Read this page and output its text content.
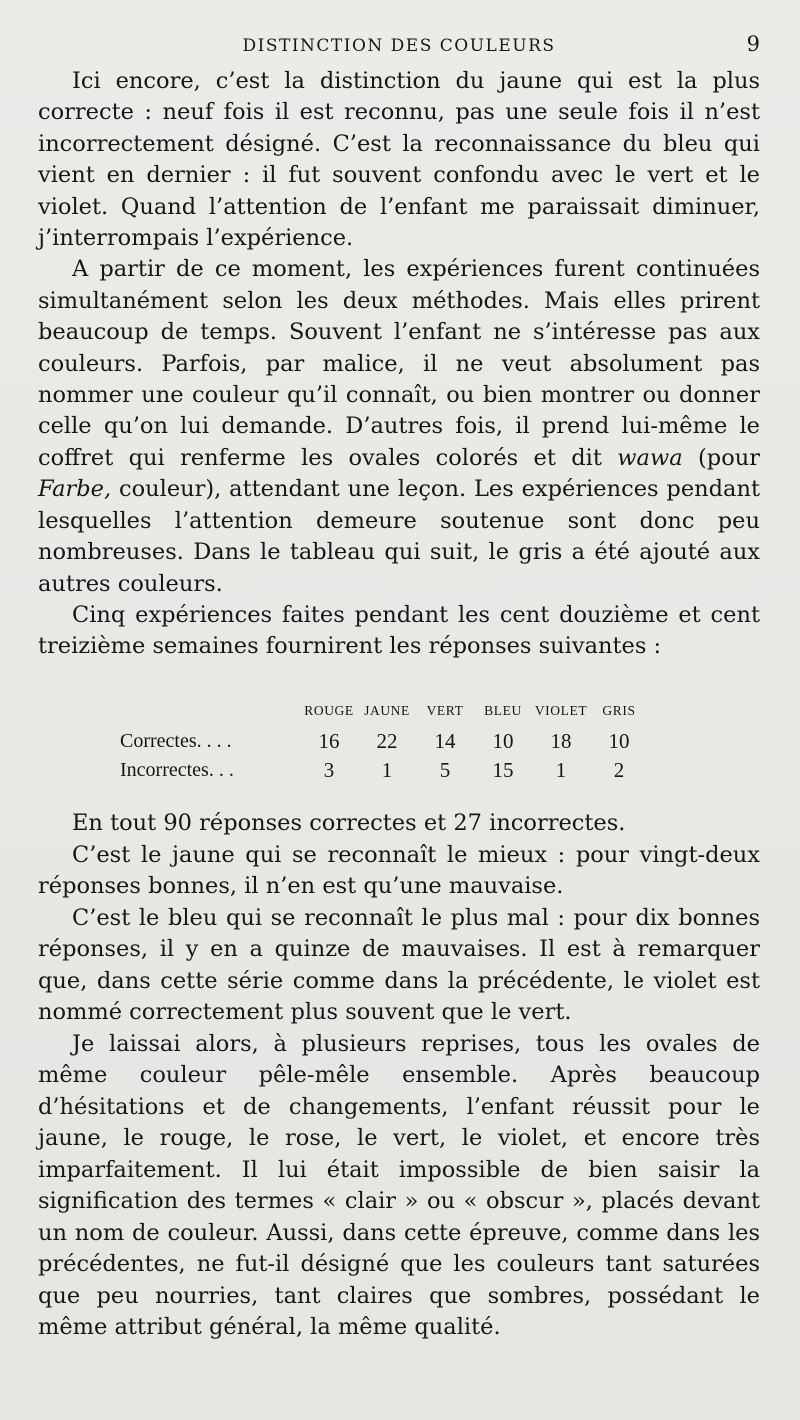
DISTINCTION DES COULEURS	9

Ici encore, c’est la distinction du jaune qui est la plus correcte : neuf fois il est reconnu, pas une seule fois il n’est incorrectement désigné. C’est la reconnaissance du bleu qui vient en dernier : il fut souvent confondu avec le vert et le violet. Quand l’attention de l’enfant me paraissait diminuer, j’interrompais l’expérience.

A partir de ce moment, les expériences furent continuées simultanément selon les deux méthodes. Mais elles prirent beaucoup de temps. Souvent l’enfant ne s’intéresse pas aux couleurs. Parfois, par malice, il ne veut absolument pas nommer une couleur qu’il connaît, ou bien montrer ou donner celle qu’on lui demande. D’autres fois, il prend lui-même le coffret qui renferme les ovales colorés et dit wawa (pour Farbe, couleur), attendant une leçon. Les expériences pendant lesquelles l’attention demeure soutenue sont donc peu nombreuses. Dans le tableau qui suit, le gris a été ajouté aux autres couleurs.

Cinq expériences faites pendant les cent douzième et cent treizième semaines fournirent les réponses suivantes :

	ROUGE	JAUNE	VERT	BLEU	VIOLET	GRIS
Correctes. . . .	16	22	14	10	18	10
Incorrectes. . .	3	1	5	15	1	2

En tout 90 réponses correctes et 27 incorrectes.

C’est le jaune qui se reconnaît le mieux : pour vingt-deux réponses bonnes, il n’en est qu’une mauvaise.

C’est le bleu qui se reconnaît le plus mal : pour dix bonnes réponses, il y en a quinze de mauvaises. Il est à remarquer que, dans cette série comme dans la précédente, le violet est nommé correctement plus souvent que le vert.

Je laissai alors, à plusieurs reprises, tous les ovales de même couleur pêle-mêle ensemble. Après beaucoup d’hésitations et de changements, l’enfant réussit pour le jaune, le rouge, le rose, le vert, le violet, et encore très imparfaitement. Il lui était impossible de bien saisir la signification des termes « clair » ou « obscur », placés devant un nom de couleur. Aussi, dans cette épreuve, comme dans les précédentes, ne fut-il désigné que les couleurs tant saturées que peu nourries, tant claires que sombres, possédant le même attribut général, la même qualité.
